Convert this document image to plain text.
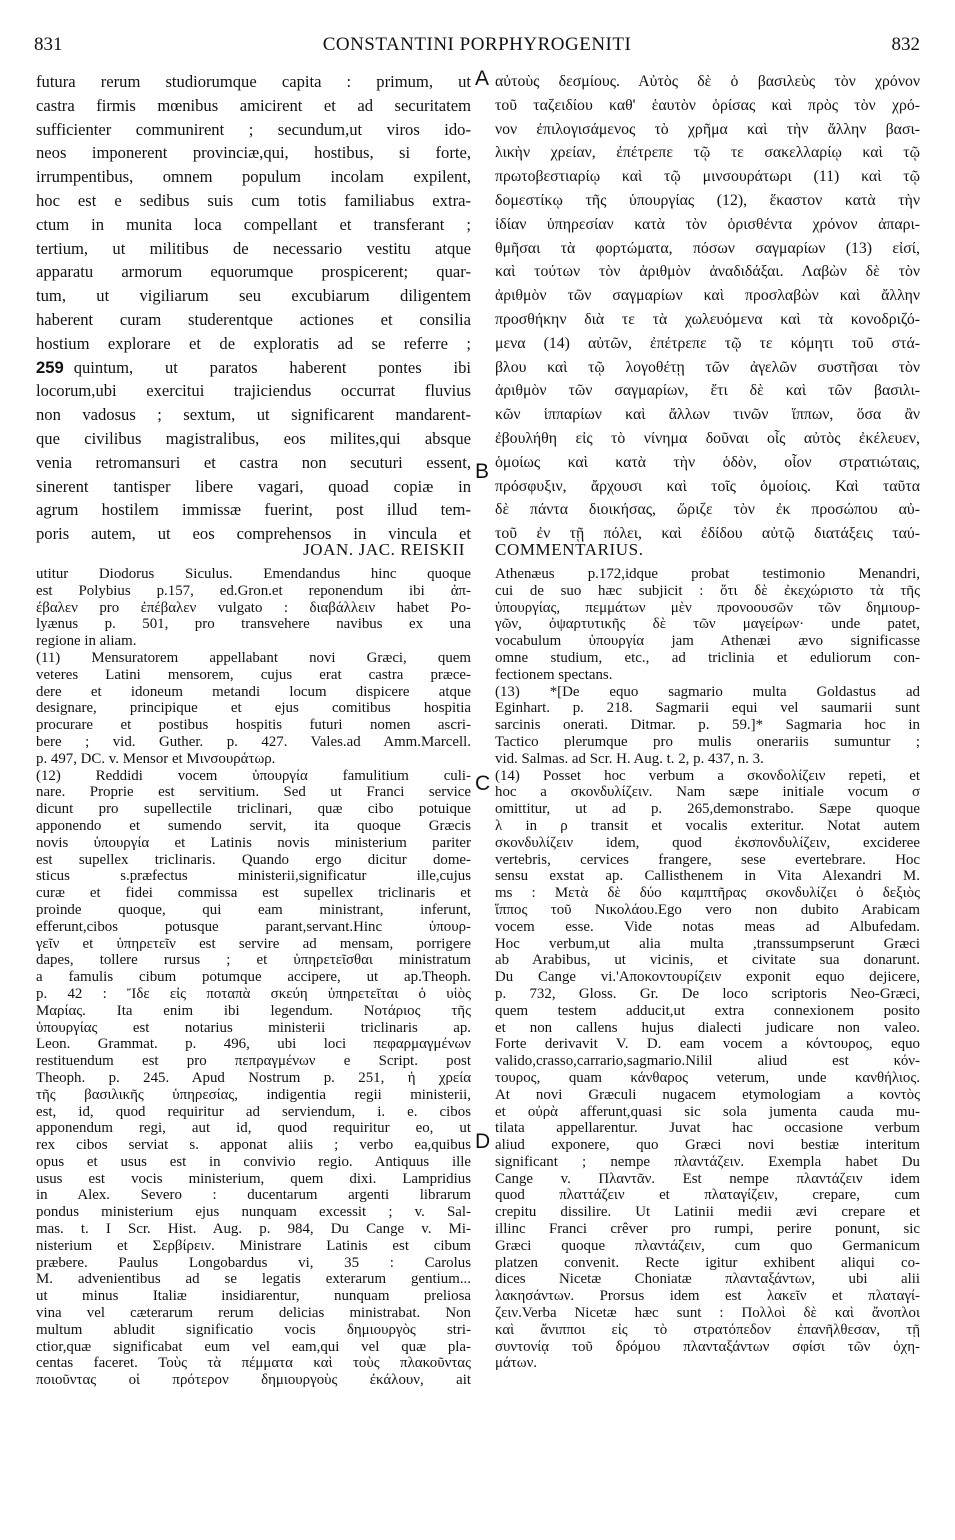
831	CONSTANTINI PORPHYROGENITI	832
futura rerum studiorumque capita : primum, ut
castra firmis mœnibus amicirent et ad securitatem
sufficienter communirent ; secundum,ut viros ido-
neos imponerent provinciæ,qui, hostibus, si forte,
irrumpentibus, omnem populum incolam expilent,
hoc est e sedibus suis cum totis familiabus extra-
ctum in munita loca compellant et transferant ;
tertium, ut militibus de necessario vestitu atque
apparatu armorum equorumque prospicerent; quar-
tum, ut vigiliarum seu excubiarum diligentem
haberent curam studerentque actiones et consilia
hostium explorare et de exploratis ad se referre ;
259 quintum, ut paratos haberent pontes ibi
locorum,ubi exercitui trajiciendus occurrat fluvius
non vadosus ; sextum, ut significarent mandarent-
que civilibus magistralibus, eos milites,qui absque
venia retromansuri et castra non secuturi essent,
sinerent tantisper libere vagari, quoad copiæ in
agrum hostilem immissæ fuerint, post illud tem-
poris autem, ut eos comprehensos in vincula et
A
B
C
D
αὐτοὺς δεσμίους. Αὐτὸς δὲ ὁ βασιλεὺς τὸν χρόνον
τοῦ ταζειδίου καθ' ἑαυτὸν ὁρίσας καὶ πρὸς τὸν χρό-
νον ἐπιλογισάμενος τὸ χρῆμα καὶ τὴν ἄλλην βασι-
λικὴν χρείαν, ἐπέτρεπε τῷ τε σακελλαρίῳ καὶ τῷ
πρωτοβεστιαρίῳ καὶ τῷ μινσουράτωρι (11) καὶ τῷ
δομεστίκῳ τῆς ὑπουργίας (12), ἕκαστον κατὰ τὴν
ἰδίαν ὑπηρεσίαν κατὰ τὸν ὁρισθέντα χρόνον ἀπαρι-
θμῆσαι τὰ φορτώματα, πόσων σαγμαρίων (13) εἰσί,
καὶ τούτων τὸν ἀριθμὸν ἀναδιδάξαι. Λαβὼν δὲ τὸν
ἀριθμὸν τῶν σαγμαρίων καὶ προσλαβὼν καὶ ἄλλην
προσθήκην διὰ τε τὰ χωλευόμενα καὶ τὰ κονοδριζό-
μενα (14) αὐτῶν, ἐπέτρεπε τῷ τε κόμητι τοῦ στά-
βλου καὶ τῷ λογοθέτῃ τῶν ἀγελῶν συστῆσαι τὸν
ἀριθμὸν τῶν σαγμαρίων, ἔτι δὲ καὶ τῶν βασιλι-
κῶν ἱππαρίων καὶ ἄλλων τινῶν ἵππων, ὅσα ἂν
ἐβουλήθη εἰς τὸ νίνημα δοῦναι οἷς αὐτὸς ἐκέλευεν,
ὁμοίως καὶ κατὰ τὴν ὁδὸν, οἷον στρατιώταις,
πρόσφυξιν, ἄρχουσι καὶ τοῖς ὁμοίοις. Καὶ ταῦτα
δὲ πάντα διοικήσας, ὥριζε τὸν ἐκ προσώπου αὐ-
τοῦ ἐν τῇ πόλει, καὶ ἐδίδου αὐτῷ διατάξεις ταύ-
JOAN. JAC. REISKII COMMENTARIUS.
utitur Diodorus Siculus. Emendandus hinc quoque
est Polybius p.157, ed.Gron.et reponendum ibi ἀπ-
έβαλεν pro ἐπέβαλεν vulgato : διαβάλλειν habet Po-
lyænus p. 501, pro transvehere navibus ex una
regione in aliam.
(11) Mensuratorem appellabant novi Græci, quem
veteres Latini mensorem, cujus erat castra præce-
dere et idoneum metandi locum dispicere atque
designare, principique et ejus comitibus hospitia
procurare et postibus hospitis futuri nomen ascri-
bere ; vid. Guther. p. 427. Vales.ad Amm.Marcell.
p. 497, DC. v. Mensor et Μινσουράτωρ.
(12) Reddidi vocem ὑπουργία famulitium culi-
nare. Proprie est servitium. Sed ut Franci service
dicunt pro supellectile triclinari, quæ cibo potuique
apponendo et sumendo servit, ita quoque Græcis
novis ὑπουργία et Latinis novis ministerium pariter
est supellex triclinaris. Quando ergo dicitur dome-
sticus s.præfectus ministerii,significatur ille,cujus
curæ et fidei commissa est supellex triclinaris et
proinde quoque, qui eam ministrant, inferunt,
efferunt,cibos potusque parant,servant.Hinc ὑπουρ-
γεῖν et ὑπηρετεῖν est servire ad mensam, porrigere
dapes, tollere rursus ; et ὑπηρετεῖσθαι ministratum
a famulis cibum potumque accipere, ut ap.Theoph.
p. 42 : Ἴδε εἰς ποταπὰ σκεύη ὑπηρετεῖται ὁ υἱὸς
Μαρίας. Ita enim ibi legendum. Νοτάριος τῆς
ὑπουργίας est notarius ministerii triclinaris ap.
Leon. Grammat. p. 496, ubi loci πεφαρμαγμένων
restituendum est pro πεπραγμένων e Script. post
Theoph. p. 245. Apud Nostrum p. 251, ἡ χρεία
τῆς βασιλικῆς ὑπηρεσίας, indigentia regii ministerii,
est, id, quod requiritur ad serviendum, i. e. cibos
apponendum regi, aut id, quod requiritur eo, ut
rex cibos serviat s. apponat aliis ; verbo ea,quibus
opus et usus est in convivio regio. Antiquus ille
usus est vocis ministerium, quem dixi. Lampridius
in Alex. Severo : ducentarum argenti librarum
pondus ministerium ejus nunquam excessit ; v. Sal-
mas. t. I Scr. Hist. Aug. p. 984, Du Cange v. Mi-
nisterium et Σερβίρειν. Ministrare Latinis est cibum
præbere. Paulus Longobardus vi, 35 : Carolus
M. advenientibus ad se legatis exterarum gentium...
ut minus Italiæ insidiarentur, nunquam preliosa
vina vel cæterarum rerum delicias ministrabat. Non
multum abludit significatio vocis δημιουργὸς stri-
ctior,quæ significabat eum vel eam,qui vel quæ pla-
centas faceret. Τοὺς τὰ πέμματα καὶ τοὺς πλακοῦντας
ποιοῦντας οἱ πρότερον δημιουργοὺς ἐκάλουν, ait
Athenæus p.172,idque probat testimonio Menandri,
cui de suo hæc subjicit : ὅτι δὲ ἐκεχώριστο τὰ τῆς
ὑπουργίας, πεμμάτων μὲν προνοουσῶν τῶν δημιουρ-
γῶν, ὀψαρτυτικῆς δὲ τῶν μαγείρων· unde patet,
vocabulum ὑπουργία jam Athenæi ævo significasse
omne studium, etc., ad triclinia et eduliorum con-
fectionem spectans.
(13) *[De equo sagmario multa Goldastus ad
Eginhart. p. 218. Sagmarii equi vel saumarii sunt
sarcinis onerati. Ditmar. p. 59.]* Sagmaria hoc in
Tactico plerumque pro mulis onerariis sumuntur ;
vid. Salmas. ad Scr. H. Aug. t. 2, p. 437, n. 3.
(14) Posset hoc verbum a σκονδολίζειν repeti, et
hoc a σκονδυλίζειν. Nam sæpe initiale vocum σ
omittitur, ut ad p. 265,demonstrabo. Sæpe quoque
λ in ρ transit et vocalis exteritur. Notat autem
σκονδυλίζειν idem, quod ἐκσπονδυλίζειν, excideree
vertebris, cervices frangere, sese evertebrare. Hoc
sensu exstat ap. Callisthenem in Vita Alexandri M.
ms : Μετὰ δὲ δύο καμπτῆρας σκονδυλίζει ὁ δεξιὸς
ἵππος τοῦ Νικολάου.Ego vero non dubito Arabicam
vocem esse. Vide notas meas ad Albufedam.
Hoc verbum,ut alia multa ,transsumpserunt Græci
ab Arabibus, ut vicinis, et civitate sua donarunt.
Du Cange vi.'Αποκοντουρίζειν exponit equo dejicere,
p. 732, Gloss. Gr. De loco scriptoris Neo-Græci,
quem testem adducit,ut extra connexionem posito
et non callens hujus dialecti judicare non valeo.
Forte derivavit V. D. eam vocem a κόντουρος, equo
valido,crasso,carrario,sagmario.Nilil aliud est κόν-
τουρος, quam κάνθαρος veterum, unde κανθήλιος.
At novi Græculi nugacem etymologiam a κοντὸς
et οὐρὰ afferunt,quasi sic sola jumenta cauda mu-
tilata appellarentur. Juvat hac occasione verbum
aliud exponere, quo Græci novi bestiæ interitum
significant ; nempe πλαντάζειν. Exempla habet Du
Cange v. Πλαντᾶν. Est nempe πλαντάζειν idem
quod πλαττάζειν et πλαταγίζειν, crepare, cum
crepitu dissilire. Ut Latinii medii ævi crepare et
illinc Franci crêver pro rumpi, perire ponunt, sic
Græci quoque πλαντάζειν, cum quo Germanicum
platzen convenit. Recte igitur exhibent aliqui co-
dices Nicetæ Choniatæ πλανταξάντων, ubi alii
λακησάντων. Prorsus idem est λακεῖν et πλαταγί-
ζειν.Verba Nicetæ hæc sunt : Πολλοὶ δὲ καὶ ἄνοπλοι
καὶ ἄνιπποι εἰς τὸ στρατόπεδον ἐπανῆλθεσαν, τῇ
συντονίᾳ τοῦ δρόμου πλανταξάντων σφίσι τῶν ὀχη-
μάτων.
